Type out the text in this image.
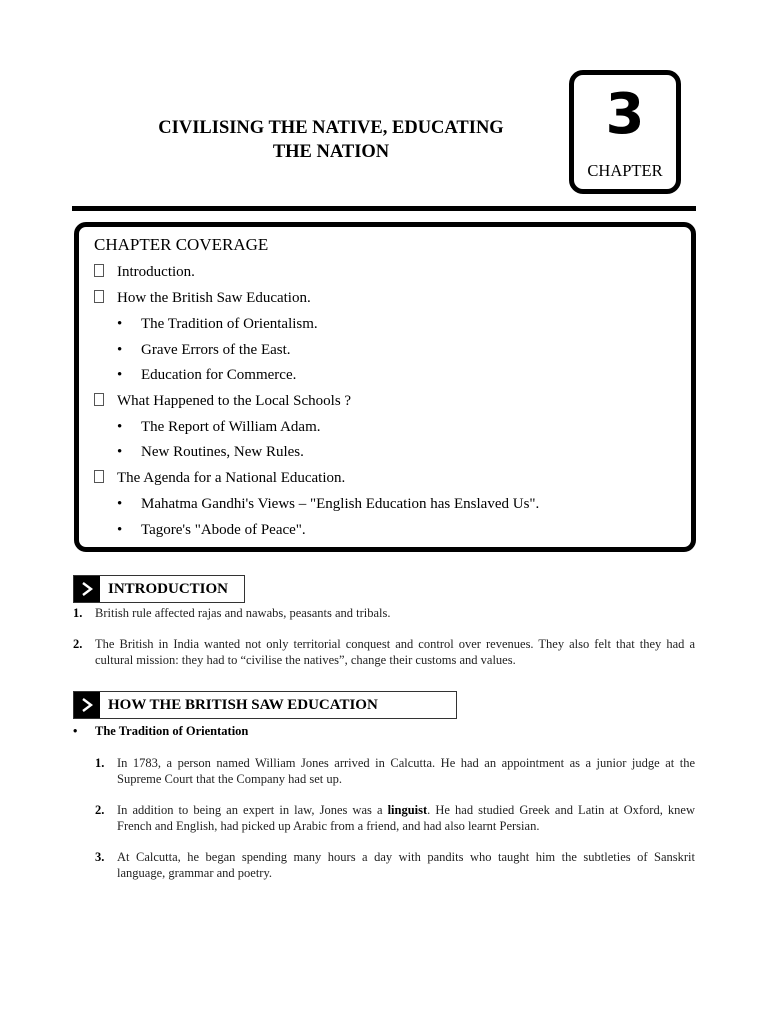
CIVILISING THE NATIVE, EDUCATING
THE NATION
3
CHAPTER
CHAPTER COVERAGE
Introduction.
How the British Saw Education.
• The Tradition of Orientalism.
• Grave Errors of the East.
• Education for Commerce.
What Happened to the Local Schools ?
• The Report of William Adam.
• New Routines, New Rules.
The Agenda for a National Education.
• Mahatma Gandhi's Views – "English Education has Enslaved Us".
• Tagore's "Abode of Peace".
INTRODUCTION
1. British rule affected rajas and nawabs, peasants and tribals.
2. The British in India wanted not only territorial conquest and control over revenues. They also felt that they had a
cultural mission: they had to “civilise the natives”, change their customs and values.
HOW THE BRITISH SAW EDUCATION
• The Tradition of Orientation
1. In 1783, a person named William Jones arrived in Calcutta. He had an appointment as a junior judge at the
Supreme Court that the Company had set up.
2. In addition to being an expert in law, Jones was a linguist. He had studied Greek and Latin at Oxford, knew
French and English, had picked up Arabic from a friend, and had also learnt Persian.
3. At Calcutta, he began spending many hours a day with pandits who taught him the subtleties of Sanskrit
language, grammar and poetry.
